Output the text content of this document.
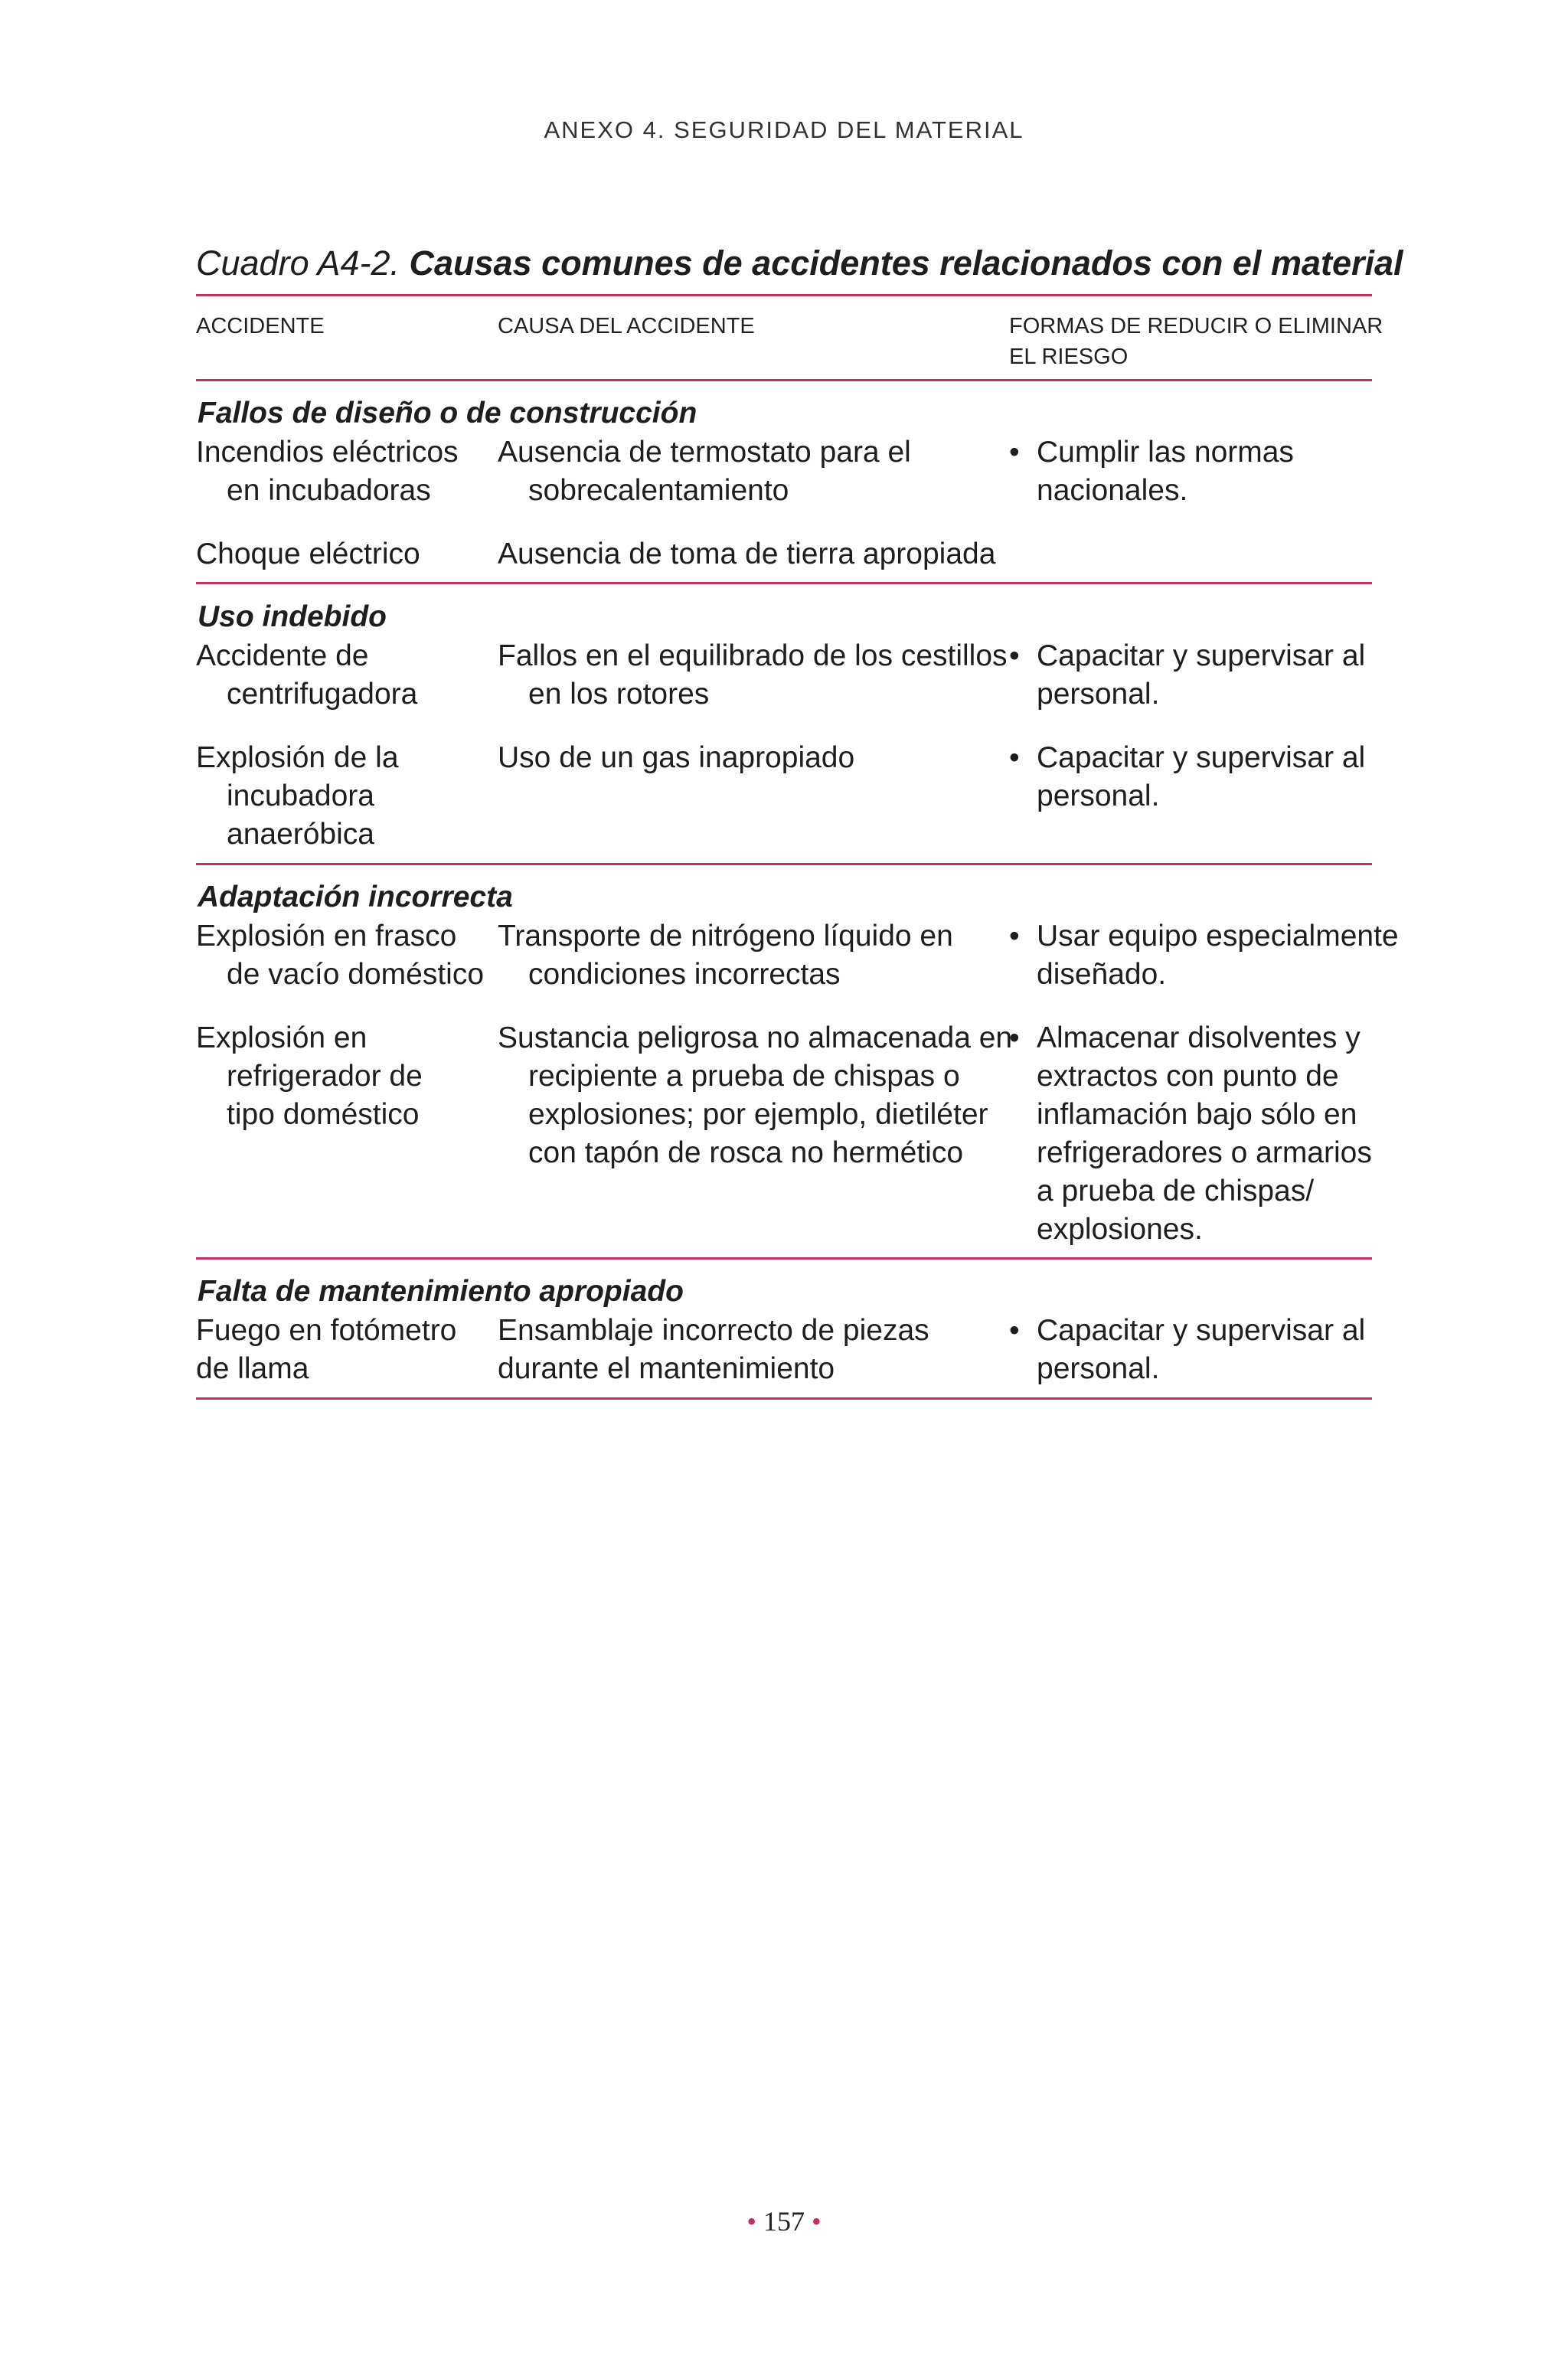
ANEXO 4. SEGURIDAD DEL MATERIAL
Cuadro A4-2. Causas comunes de accidentes relacionados con el material
ACCIDENTE	CAUSA DEL ACCIDENTE	FORMAS DE REDUCIR O ELIMINAR
EL RIESGO
Fallos de diseño o de construcción
Incendios eléctricos
en incubadoras
Ausencia de termostato para el
sobrecalentamiento
• Cumplir las normas
nacionales.
Choque eléctrico	Ausencia de toma de tierra apropiada
Uso indebido
Accidente de
centrifugadora
Fallos en el equilibrado de los cestillos
en los rotores
• Capacitar y supervisar al
personal.
Explosión de la
incubadora
anaeróbica
Uso de un gas inapropiado
•	Capacitar y supervisar al
personal.
Adaptación incorrecta
Explosión en frasco
de vacío doméstico
Transporte de nitrógeno líquido en
condiciones incorrectas
• Usar equipo especialmente
diseñado.
Explosión en
refrigerador de
tipo doméstico
Sustancia peligrosa no almacenada en
recipiente a prueba de chispas o
explosiones; por ejemplo, dietiléter
con tapón de rosca no hermético
• Almacenar disolventes y
extractos con punto de
inflamación bajo sólo en
refrigeradores o armarios
a prueba de chispas/
explosiones.
Falta de mantenimiento apropiado
Fuego en fotómetro
de llama
Ensamblaje incorrecto de piezas
durante el mantenimiento
• Capacitar y supervisar al
personal.
• 157 •
